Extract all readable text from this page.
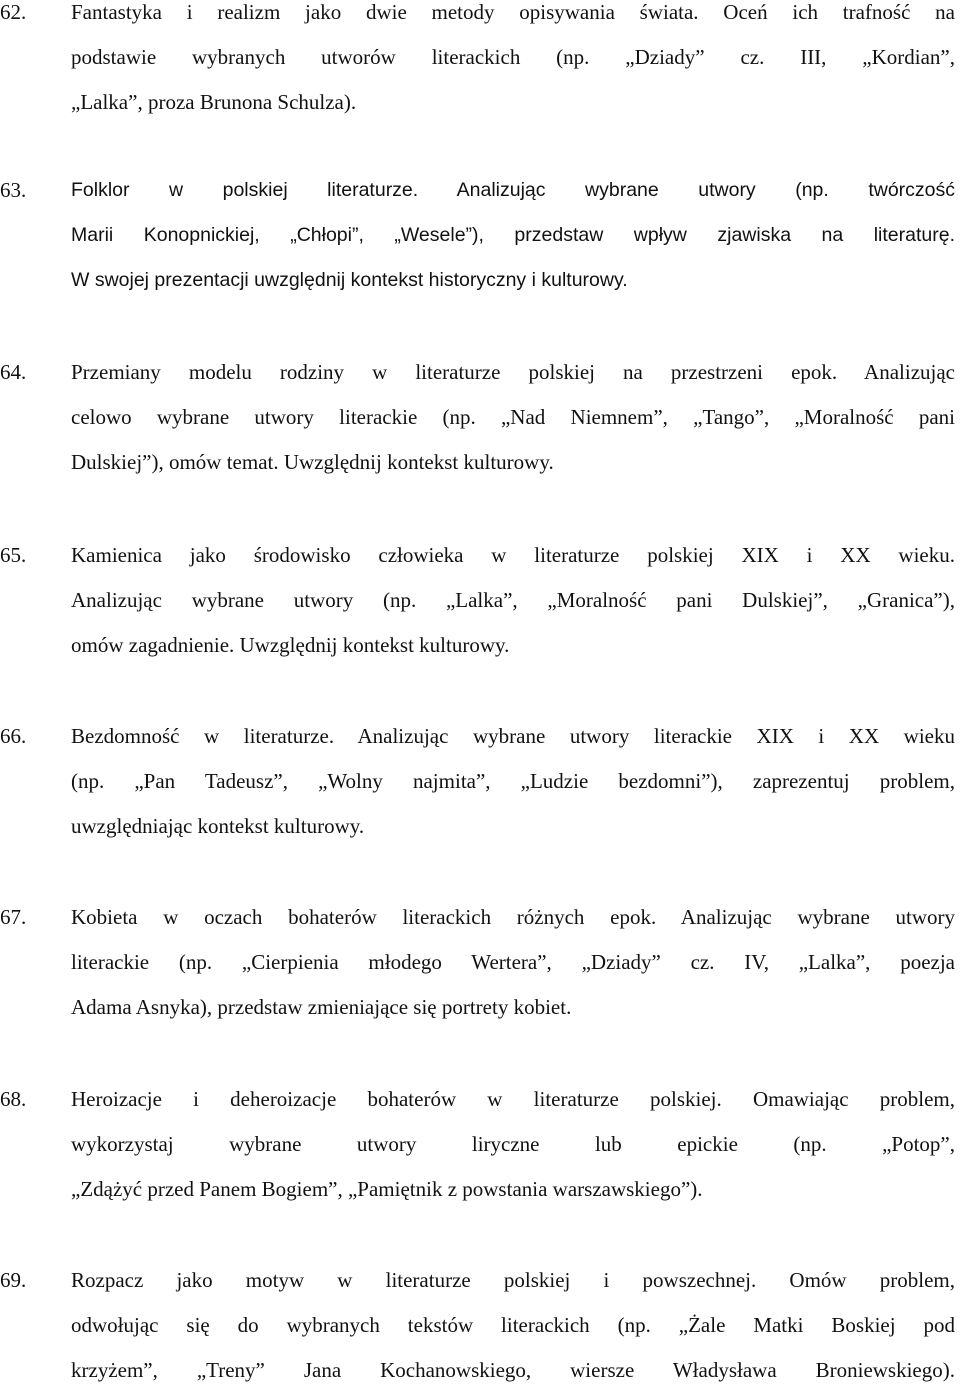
62. Fantastyka i realizm jako dwie metody opisywania świata. Oceń ich trafność na
podstawie wybranych utworów literackich (np. „Dziady” cz. III, „Kordian”,
„Lalka”, proza Brunona Schulza).
63. Folklor w polskiej literaturze. Analizując wybrane utwory (np. twórczość
Marii Konopnickiej, „Chłopi”, „Wesele”), przedstaw wpływ zjawiska na literaturę.
W swojej prezentacji uwzględnij kontekst historyczny i kulturowy.
64. Przemiany modelu rodziny w literaturze polskiej na przestrzeni epok. Analizując
celowo wybrane utwory literackie (np. „Nad Niemnem”, „Tango”, „Moralność pani
Dulskiej”), omów temat. Uwzględnij kontekst kulturowy.
65. Kamienica jako środowisko człowieka w literaturze polskiej XIX i XX wieku.
Analizując wybrane utwory (np. „Lalka”, „Moralność pani Dulskiej”, „Granica”),
omów zagadnienie. Uwzględnij kontekst kulturowy.
66. Bezdomność w literaturze. Analizując wybrane utwory literackie XIX i XX wieku
(np. „Pan Tadeusz”, „Wolny najmita”, „Ludzie bezdomni”), zaprezentuj problem,
uwzględniając kontekst kulturowy.
67. Kobieta w oczach bohaterów literackich różnych epok. Analizując wybrane utwory
literackie (np. „Cierpienia młodego Wertera”, „Dziady” cz. IV, „Lalka”, poezja
Adama Asnyka), przedstaw zmieniające się portrety kobiet.
68. Heroizacje i deheroizacje bohaterów w literaturze polskiej. Omawiając problem,
wykorzystaj wybrane utwory liryczne lub epickie (np. „Potop”,
„Zdążyć przed Panem Bogiem”, „Pamiętnik z powstania warszawskiego”).
69. Rozpacz jako motyw w literaturze polskiej i powszechnej. Omów problem,
odwołując się do wybranych tekstów literackich (np. „Żale Matki Boskiej pod
krzyżem”, „Treny” Jana Kochanowskiego, wiersze Władysława Broniewskiego).
